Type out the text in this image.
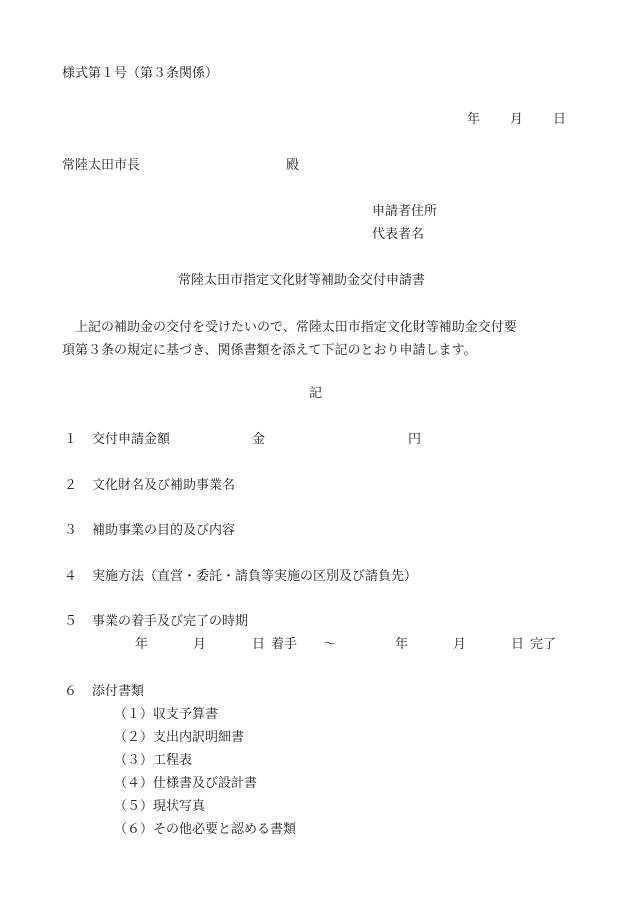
様式第１号（第３条関係）

年 月 日

常陸太田市長	殿

申請者住所

代表者名

常陸太田市指定文化財等補助金交付申請書

上記の補助金の交付を受けたいので、常陸太田市指定文化財等補助金交付要
項第３条の規定に基づき、関係書類を添えて下記のとおり申請します。

記

１ 交付申請金額	金	円

２ 文化財名及び補助事業名

３ 補助事業の目的及び内容

４ 実施方法（直営・委託・請負等実施の区別及び請負先）

５ 事業の着手及び完了の時期

年	月	日 着手 ～	年	月	日 完了

６ 添付書類

（１）収支予算書

（２）支出内訳明細書

（３）工程表

（４）仕様書及び設計書

（５）現状写真

（６）その他必要と認める書類
